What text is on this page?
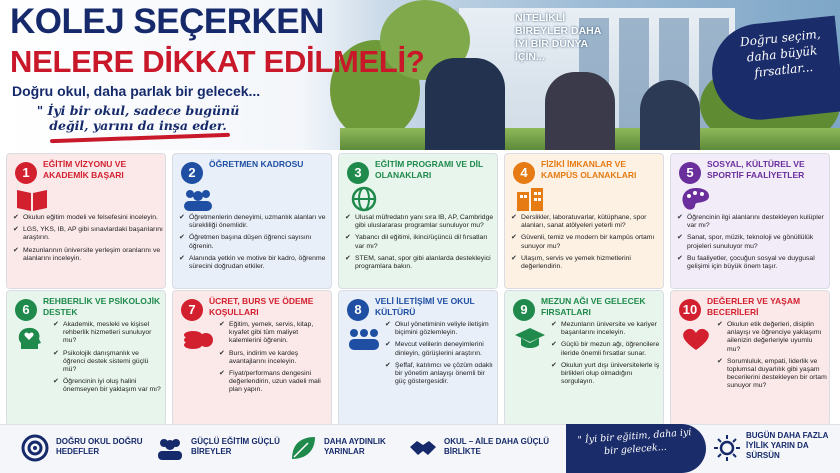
NİTELİKLİ BİREYLER DAHA İYİ BİR DÜNYA İÇİN...
KOLEJ SEÇERKEN
NELERE DİKKAT EDİLMELİ?
Doğru okul, daha parlak bir gelecek...
" İyi bir okul, sadece bugünü değil, yarını da inşa eder.
Doğru seçim, daha büyük fırsatlar...
1
EĞİTİM VİZYONU VE AKADEMİK BAŞARI
✔ Okulun eğitim modeli ve felsefesini inceleyin.
✔ LGS, YKS, IB, AP gibi sınavlardaki başarılarını araştırın.
✔ Mezunlarının üniversite yerleşim oranlarını ve alanlarını inceleyin.
2
ÖĞRETMEN KADROSU
✔ Öğretmenlerin deneyimi, uzmanlık alanları ve sürekliliği önemlidir.
✔ Öğretmen başına düşen öğrenci sayısını öğrenin.
✔ Alanında yetkin ve motive bir kadro, öğrenme sürecini doğrudan etkiler.
3
EĞİTİM PROGRAMI VE DİL OLANAKLARI
✔ Ulusal müfredatın yanı sıra IB, AP, Cambridge gibi uluslararası programlar sunuluyor mu?
✔ Yabancı dil eğitimi, ikinci/üçüncü dil fırsatları var mı?
✔ STEM, sanat, spor gibi alanlarda destekleyici programlara bakın.
4
FİZİKİ İMKANLAR VE KAMPÜS OLANAKLARI
✔ Derslikler, laboratuvarlar, kütüphane, spor alanları, sanat atölyeleri yeterli mi?
✔ Güvenli, temiz ve modern bir kampüs ortamı sunuyor mu?
✔ Ulaşım, servis ve yemek hizmetlerini değerlendirin.
5
SOSYAL, KÜLTÜREL VE SPORTİF FAALİYETLER
✔ Öğrencinin ilgi alanlarını destekleyen kulüpler var mı?
✔ Sanat, spor, müzik, teknoloji ve gönüllülük projeleri sunuluyor mu?
✔ Bu faaliyetler, çocuğun sosyal ve duygusal gelişimi için büyük önem taşır.
6
REHBERLİK VE PSİKOLOJİK DESTEK
✔ Akademik, mesleki ve kişisel rehberlik hizmetleri sunuluyor mu?
✔ Psikolojik danışmanlık ve öğrenci destek sistemi güçlü mü?
✔ Öğrencinin iyi oluş halini önemseyen bir yaklaşım var mı?
7
ÜCRET, BURS VE ÖDEME KOŞULLARI
✔ Eğitim, yemek, servis, kitap, kıyafet gibi tüm maliyet kalemlerini öğrenin.
✔ Burs, indirim ve kardeş avantajlarını inceleyin.
✔ Fiyat/performans dengesini değerlendirin, uzun vadeli mali plan yapın.
8
VELİ İLETİŞİMİ VE OKUL KÜLTÜRÜ
✔ Okul yönetiminin veliyle iletişim biçimini gözlemleyin.
✔ Mevcut velilerin deneyimlerini dinleyin, görüşlerini araştırın.
✔ Şeffaf, katılımcı ve çözüm odaklı bir yönetim anlayışı önemli bir güç göstergesidir.
9
MEZUN AĞI VE GELECEK FIRSATLARI
✔ Mezunların üniversite ve kariyer başarılarını inceleyin.
✔ Güçlü bir mezun ağı, öğrencilere ileride önemli fırsatlar sunar.
✔ Okulun yurt dışı üniversitelerle iş birlikleri olup olmadığını sorgulayın.
10
DEĞERLER VE YAŞAM BECERİLERİ
✔ Okulun etik değerleri, disiplin anlayışı ve öğrenciye yaklaşımı ailenizin değerleriyle uyumlu mu?
✔ Sorumluluk, empati, liderlik ve toplumsal duyarlılık gibi yaşam becerilerini destekleyen bir ortam sunuyor mu?
DOĞRU OKUL DOĞRU HEDEFLER
GÜÇLÜ EĞİTİM GÜÇLÜ BİREYLER
DAHA AYDINLIK YARINLAR
OKUL – AİLE DAHA GÜÇLÜ BİRLİKTE
BUGÜN DAHA FAZLA İYİLİK YARIN DA SÜRSÜN
" İyi bir eğitim, daha iyi bir gelecek...
